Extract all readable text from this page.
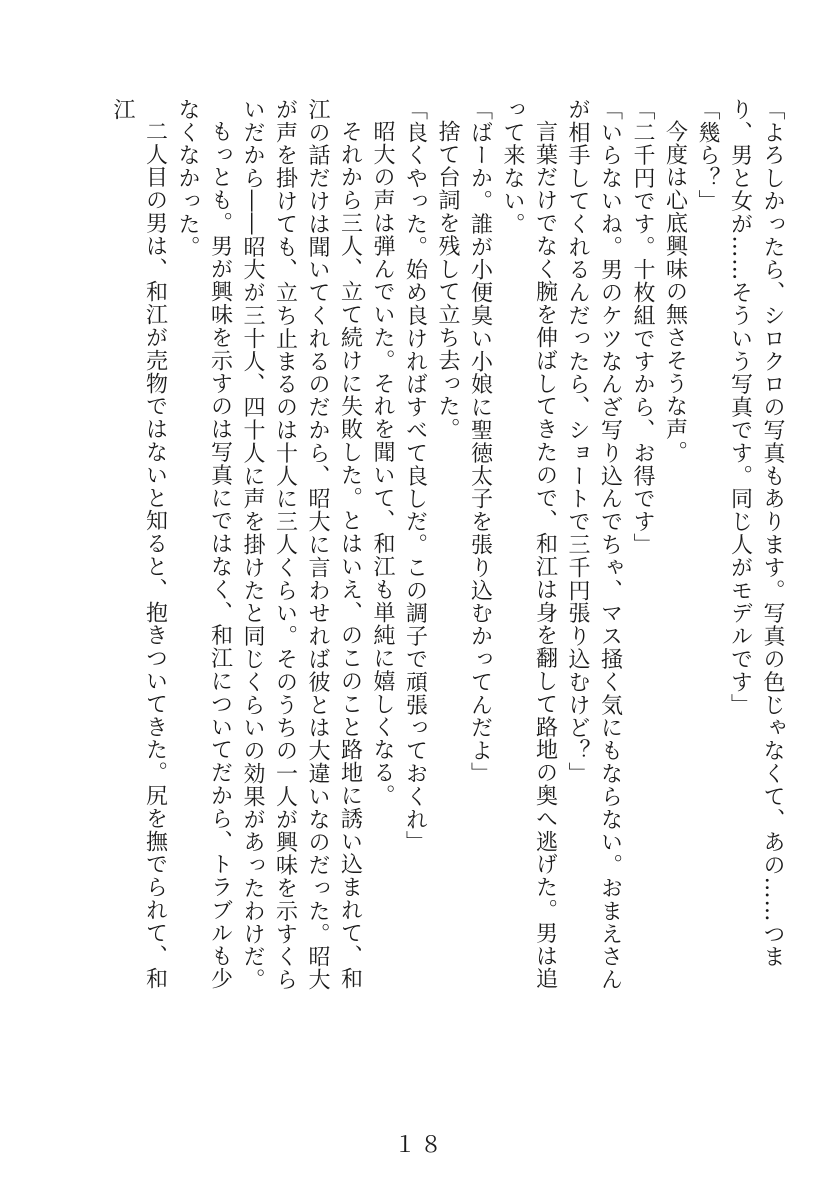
「よろしかったら、シロクロの写真もあります。写真の色じゃなくて、あの……つまり、男と女が……そういう写真です。同じ人がモデルです」

「幾ら？」

今度は心底興味の無さそうな声。

「二千円です。十枚組ですから、お得です」

「いらないね。男のケツなんざ写り込んでちゃ、マス掻く気にもならない。おまえさんが相手してくれるんだったら、ショートで三千円張り込むけど？」

言葉だけでなく腕を伸ばしてきたので、和江は身を翻して路地の奥へ逃げた。男は追って来ない。

「ばーか。誰が小便臭い小娘に聖徳太子を張り込むかってんだよ」

捨て台詞を残して立ち去った。

「良くやった。始め良ければすべて良しだ。この調子で頑張っておくれ」

昭大の声は弾んでいた。それを聞いて、和江も単純に嬉しくなる。

それから三人、立て続けに失敗した。とはいえ、のこのこと路地に誘い込まれて、和江の話だけは聞いてくれるのだから、昭大に言わせれば彼とは大違いなのだった。昭大が声を掛けても、立ち止まるのは十人に三人くらい。そのうちの一人が興味を示すくらいだから――昭大が三十人、四十人に声を掛けたと同じくらいの効果があったわけだ。

もっとも。男が興味を示すのは写真にではなく、和江についてだから、トラブルも少なくなかった。

二人目の男は、和江が売物ではないと知ると、抱きついてきた。尻を撫でられて、和江

１８
